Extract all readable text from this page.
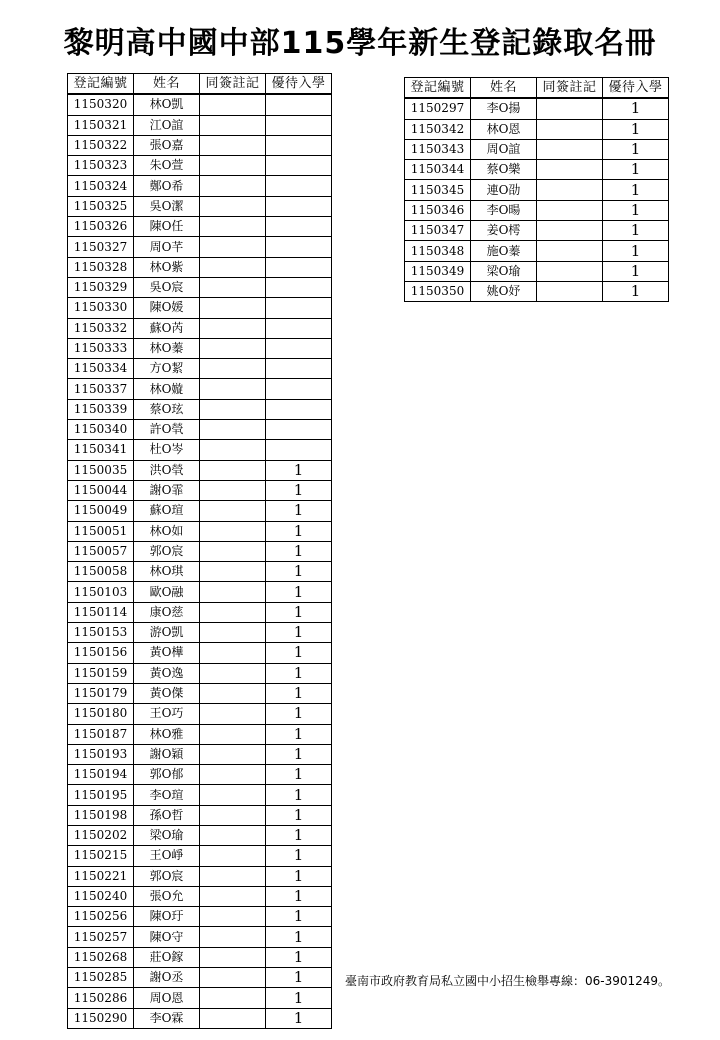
黎明高中國中部115學年新生登記錄取名冊
登記編號	姓名	同簽註記	優待入學
1150320	林O凱		
1150321	江O誼		
1150322	張O嘉		
1150323	朱O萱		
1150324	鄭O希		
1150325	吳O潔		
1150326	陳O任		
1150327	周O芊		
1150328	林O紫		
1150329	吳O宸		
1150330	陳O媛		
1150332	蘇O芮		
1150333	林O蓁		
1150334	方O絜		
1150337	林O嫙		
1150339	蔡O玹		
1150340	許O煢		
1150341	杜O岑		
1150035	洪O煢		1
1150044	謝O霏		1
1150049	蘇O瑄		1
1150051	林O如		1
1150057	郭O宸		1
1150058	林O琪		1
1150103	歐O融		1
1150114	康O慈		1
1150153	游O凱		1
1150156	黃O樺		1
1150159	黃O逸		1
1150179	黃O傑		1
1150180	王O巧		1
1150187	林O雅		1
1150193	謝O穎		1
1150194	郭O郁		1
1150195	李O瑄		1
1150198	孫O哲		1
1150202	梁O瑜		1
1150215	王O崢		1
1150221	郭O宸		1
1150240	張O允		1
1150256	陳O玗		1
1150257	陳O守		1
1150268	莊O鎵		1
1150285	謝O丞		1
1150286	周O恩		1
1150290	李O霖		1
登記編號	姓名	同簽註記	優待入學
1150297	李O揚		1
1150342	林O恩		1
1150343	周O誼		1
1150344	蔡O樂		1
1150345	連O劭		1
1150346	李O暘		1
1150347	姜O樗		1
1150348	施O蓁		1
1150349	梁O瑜		1
1150350	姚O妤		1
臺南市政府教育局私立國中小招生檢舉專線：06-3901249。
